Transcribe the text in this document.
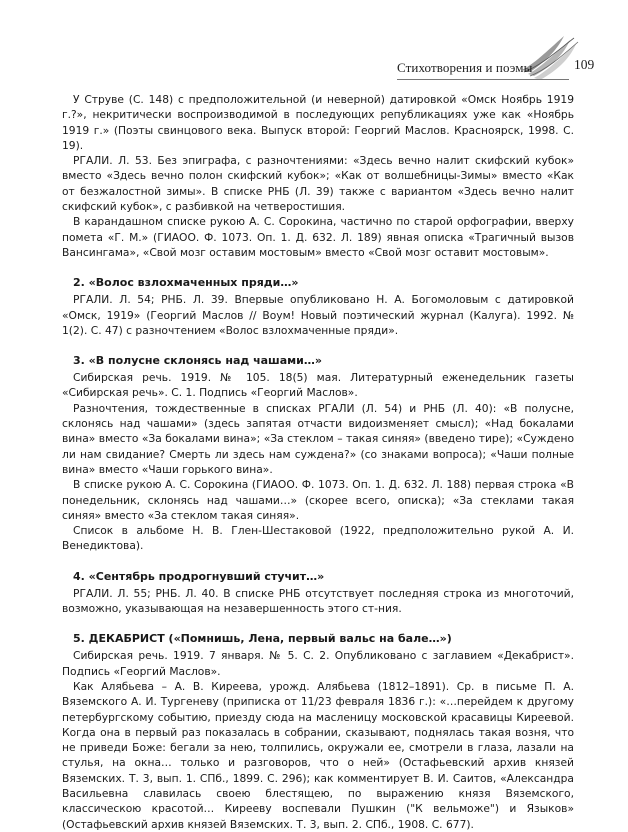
Стихотворения и поэмы	109

У Струве (С. 148) с предположительной (и неверной) датировкой «Омск Ноябрь 1919 г.?», некритически воспроизводимой в последующих републикациях уже как «Ноябрь 1919 г.» (Поэты свинцового века. Выпуск второй: Георгий Маслов. Красноярск, 1998. С. 19).

РГАЛИ. Л. 53. Без эпиграфа, с разночтениями: «Здесь вечно налит скифский кубок» вместо «Здесь вечно полон скифский кубок»; «Как от волшебницы-Зимы» вместо «Как от безжалостной зимы». В списке РНБ (Л. 39) также с вариантом «Здесь вечно налит скифский кубок», с разбивкой на четверостишия.

В карандашном списке рукою А. С. Сорокина, частично по старой орфографии, вверху помета «Г. М.» (ГИАОО. Ф. 1073. Оп. 1. Д. 632. Л. 189) явная описка «Трагичный вызов Вансингама», «Свой мозг оставим мостовым» вместо «Свой мозг оставит мостовым».

2. «Волос взлохмаченных пряди…»

РГАЛИ. Л. 54; РНБ. Л. 39. Впервые опубликовано Н. А. Богомоловым с датировкой «Омск, 1919» (Георгий Маслов // Воум! Новый поэтический журнал (Калуга). 1992. № 1(2). С. 47) с разночтением «Волос взлохмаченные пряди».

3. «В полусне склонясь над чашами…»

Сибирская речь. 1919. № 105. 18(5) мая. Литературный еженедельник газеты «Сибирская речь». С. 1. Подпись «Георгий Маслов».

Разночтения, тождественные в списках РГАЛИ (Л. 54) и РНБ (Л. 40): «В полусне, склонясь над чашами» (здесь запятая отчасти видоизменяет смысл); «Над бокалами вина» вместо «За бокалами вина»; «За стеклом – такая синяя» (введено тире); «Суждено ли нам свидание? Смерть ли здесь нам суждена?» (со знаками вопроса); «Чаши полные вина» вместо «Чаши горького вина».

В списке рукою А. С. Сорокина (ГИАОО. Ф. 1073. Оп. 1. Д. 632. Л. 188) первая строка «В понедельник, склонясь над чашами…» (скорее всего, описка); «За стеклами такая синяя» вместо «За стеклом такая синяя».

Список в альбоме Н. В. Глен-Шестаковой (1922, предположительно рукой А. И. Венедиктова).

4. «Сентябрь продрогнувший стучит…»

РГАЛИ. Л. 55; РНБ. Л. 40. В списке РНБ отсутствует последняя строка из многоточий, возможно, указывающая на незавершенность этого ст-ния.

5. ДЕКАБРИСТ («Помнишь, Лена, первый вальс на бале…»)

Сибирская речь. 1919. 7 января. № 5. С. 2. Опубликовано с заглавием «Декабрист». Подпись «Георгий Маслов».

Как Алябьева – А. В. Киреева, урожд. Алябьева (1812–1891). Ср. в письме П. А. Вяземского А. И. Тургеневу (приписка от 11/23 февраля 1836 г.): «…перейдем к другому петербургскому событию, приезду сюда на масленицу московской красавицы Киреевой. Когда она в первый раз показалась в собрании, сказывают, поднялась такая возня, что не приведи Боже: бегали за нею, толпились, окружали ее, смотрели в глаза, лазали на стулья, на окна… только и разговоров, что о ней» (Остафьевский архив князей Вяземских. Т. 3, вып. 1. СПб., 1899. С. 296); как комментирует В. И. Саитов, «Александра Васильевна славилась своею блестящею, по выражению князя Вяземского, классическою красотой… Кирееву воспевали Пушкин ("К вельможе") и Языков» (Остафьевский архив князей Вяземских. Т. 3, вып. 2. СПб., 1908. С. 677).
